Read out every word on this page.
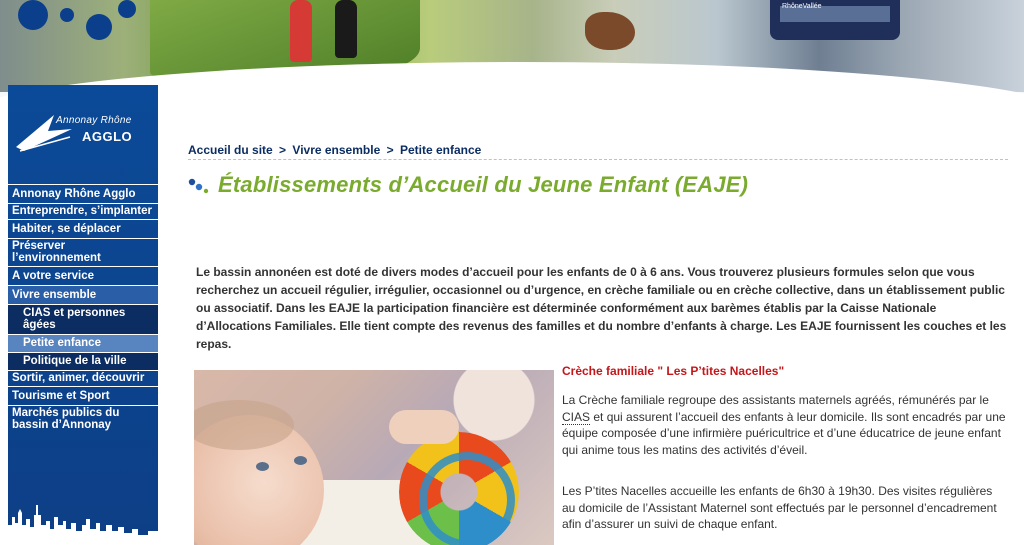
RhôneVallée
Annonay Rhône
AGGLO
Annonay Rhône Agglo
Entreprendre, s’implanter
Habiter, se déplacer
Préserver l’environnement
A votre service
Vivre ensemble
CIAS et personnes âgées
Petite enfance
Politique de la ville
Sortir, animer, découvrir
Tourisme et Sport
Marchés publics du bassin d’Annonay
Accueil du site > Vivre ensemble > Petite enfance
Établissements d’Accueil du Jeune Enfant (EAJE)

Le bassin annonéen est doté de divers modes d’accueil pour les enfants de 0 à 6 ans. Vous trouverez plusieurs formules selon que vous recherchez un accueil régulier, irrégulier, occasionnel ou d’urgence, en crèche familiale ou en crèche collective, dans un établissement public ou associatif. Dans les EAJE la participation financière est déterminée conformément aux barèmes établis par la Caisse Nationale d’Allocations Familiales. Elle tient compte des revenus des familles et du nombre d’enfants à charge. Les EAJE fournissent les couches et les repas.

Crèche familiale " Les P’tites Nacelles"

La Crèche familiale regroupe des assistants maternels agréés, rémunérés par le CIAS et qui assurent l’accueil des enfants à leur domicile. Ils sont encadrés par une équipe composée d’une infirmière puéricultrice et d’une éducatrice de jeune enfant qui anime tous les matins des activités d’éveil.

Les P’tites Nacelles accueille les enfants de 6h30 à 19h30. Des visites régulières au domicile de l’Assistant Maternel sont effectués par le personnel d’encadrement afin d’assurer un suivi de chaque enfant.
